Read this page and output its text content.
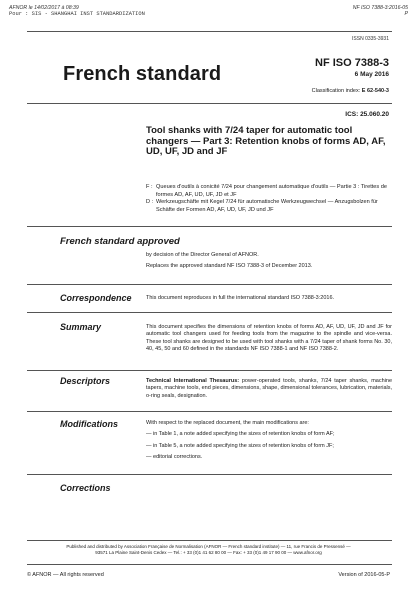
AFNOR le 14/02/2017 à 08:39
Pour : SIS - SHANGHAI INST STANDARDIZATION
NF ISO 7388-3:2016-05
P
ISSN 0335-3931
French standard	NF ISO 7388-3
6 May 2016
Classification index: E 62-540-3
ICS: 25.060.20
Tool shanks with 7/24 taper for automatic tool changers — Part 3: Retention knobs of forms AD, AF, UD, UF, JD and JF
F : Queues d'outils à conicité 7/24 pour changement automatique d'outils — Partie 3 : Tirettes de formes AD, AF, UD, UF, JD et JF
D : Werkzeugschäfte mit Kegel 7/24 für automatische Werkzeugwechsel — Anzugsbolzen für Schäfte der Formen AD, AF, UD, UF, JD und JF
French standard approved

by decision of the Director General of AFNOR.

Replaces the approved standard NF ISO 7388-3 of December 2013.

Correspondence	This document reproduces in full the international standard ISO 7388-3:2016.
Summary	This document specifies the dimensions of retention knobs of forms AD, AF, UD, UF, JD and JF for automatic tool changers used for feeding tools from the magazine to the spindle and vice-versa. These tool shanks are designed to be used with tool shanks with a 7/24 taper of shank forms No. 30, 40, 45, 50 and 60 defined in the standards NF ISO 7388-1 and NF ISO 7388-2.
Descriptors	Technical International Thesaurus: power-operated tools, shanks, 7/24 taper shanks, machine tapers, machine tools, end pieces, dimensions, shape, dimensional tolerances, lubrication, materials, o-ring seals, designation.
Modifications	With respect to the replaced document, the main modifications are:

— in Table 1, a note added specifying the sizes of retention knobs of form AF;

— in Table 5, a note added specifying the sizes of retention knobs of form JF;

— editorial corrections.

Corrections
Published and distributed by Association Française de Normalisation (AFNOR — French standard institute) — 11, rue Francis de Pressensé —
93571 La Plaine Saint-Denis Cedex — Tel.: + 33 (0)1 41 62 80 00 — Fax: + 33 (0)1 49 17 90 00 — www.afnor.org
© AFNOR — All rights reserved	Version of 2016-05-P
